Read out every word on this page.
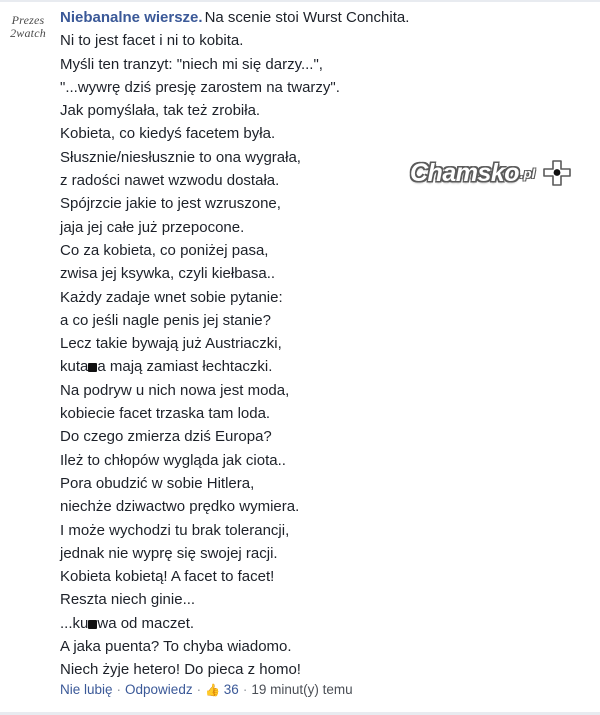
Prezes
2watch
Niebanalne wiersze. Na scenie stoi Wurst Conchita.
Ni to jest facet i ni to kobita.
Myśli ten tranzyt: "niech mi się darzy...",
"...wywrę dziś presję zarostem na twarzy".
Jak pomyślała, tak też zrobiła.
Kobieta, co kiedyś facetem była.
Słusznie/niesłusznie to ona wygrała,
z radości nawet wzwodu dostała.
Spójrzcie jakie to jest wzruszone,
jaja jej całe już przepocone.
Co za kobieta, co poniżej pasa,
zwisa jej ksywka, czyli kiełbasa..
Każdy zadaje wnet sobie pytanie:
a co jeśli nagle penis jej stanie?
Lecz takie bywają już Austriaczki,
kuta a mają zamiast łechtaczki.
Na podryw u nich nowa jest moda,
kobiecie facet trzaska tam loda.
Do czego zmierza dziś Europa?
Ileż to chłopów wygląda jak ciota..
Pora obudzić w sobie Hitlera,
niechże dziwactwo prędko wymiera.
I może wychodzi tu brak tolerancji,
jednak nie wyprę się swojej racji.
Kobieta kobietą! A facet to facet!
Reszta niech ginie...
...ku wa od maczet.
A jaka puenta? To chyba wiadomo.
Niech żyje hetero! Do pieca z homo!
Chamsko .pl
Nie lubię · Odpowiedz · 👍 36 · 19 minut(y) temu
